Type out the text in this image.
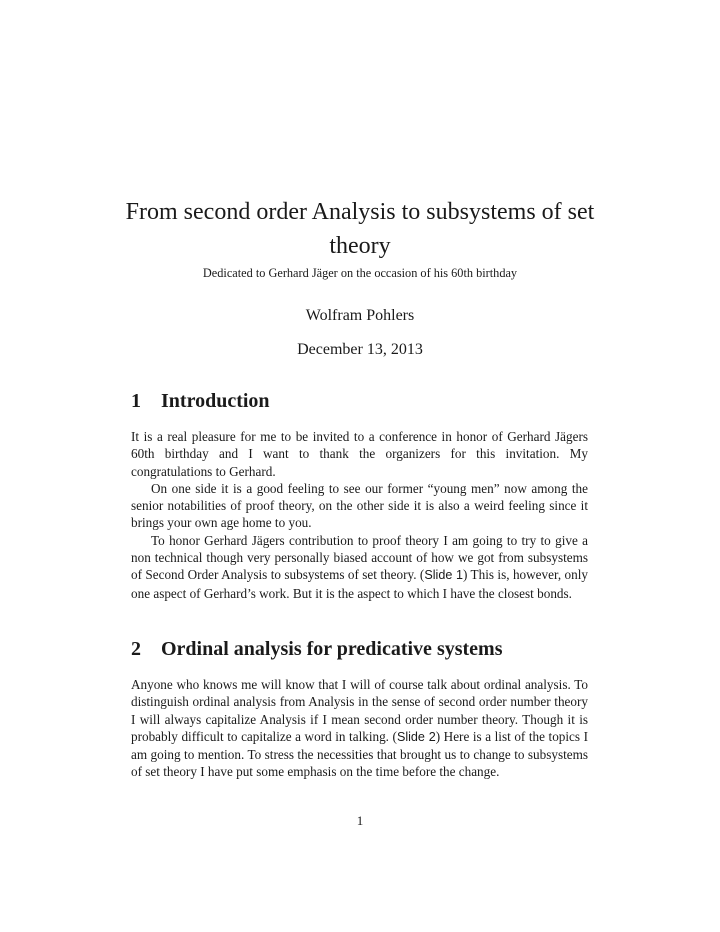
From second order Analysis to subsystems of set theory

Dedicated to Gerhard Jäger on the occasion of his 60th birthday

Wolfram Pohlers

December 13, 2013

1 Introduction

It is a real pleasure for me to be invited to a conference in honor of Gerhard Jägers 60th birthday and I want to thank the organizers for this invitation. My congratulations to Gerhard.

On one side it is a good feeling to see our former “young men” now among the senior notabilities of proof theory, on the other side it is also a weird feeling since it brings your own age home to you.

To honor Gerhard Jägers contribution to proof theory I am going to try to give a non technical though very personally biased account of how we got from subsystems of Second Order Analysis to subsystems of set theory. (Slide 1) This is, however, only one aspect of Gerhard’s work. But it is the aspect to which I have the closest bonds.

2 Ordinal analysis for predicative systems

Anyone who knows me will know that I will of course talk about ordinal analysis. To distinguish ordinal analysis from Analysis in the sense of second order number theory I will always capitalize Analysis if I mean second order number theory. Though it is probably difficult to capitalize a word in talking. (Slide 2) Here is a list of the topics I am going to mention. To stress the necessities that brought us to change to subsystems of set theory I have put some emphasis on the time before the change.

1
